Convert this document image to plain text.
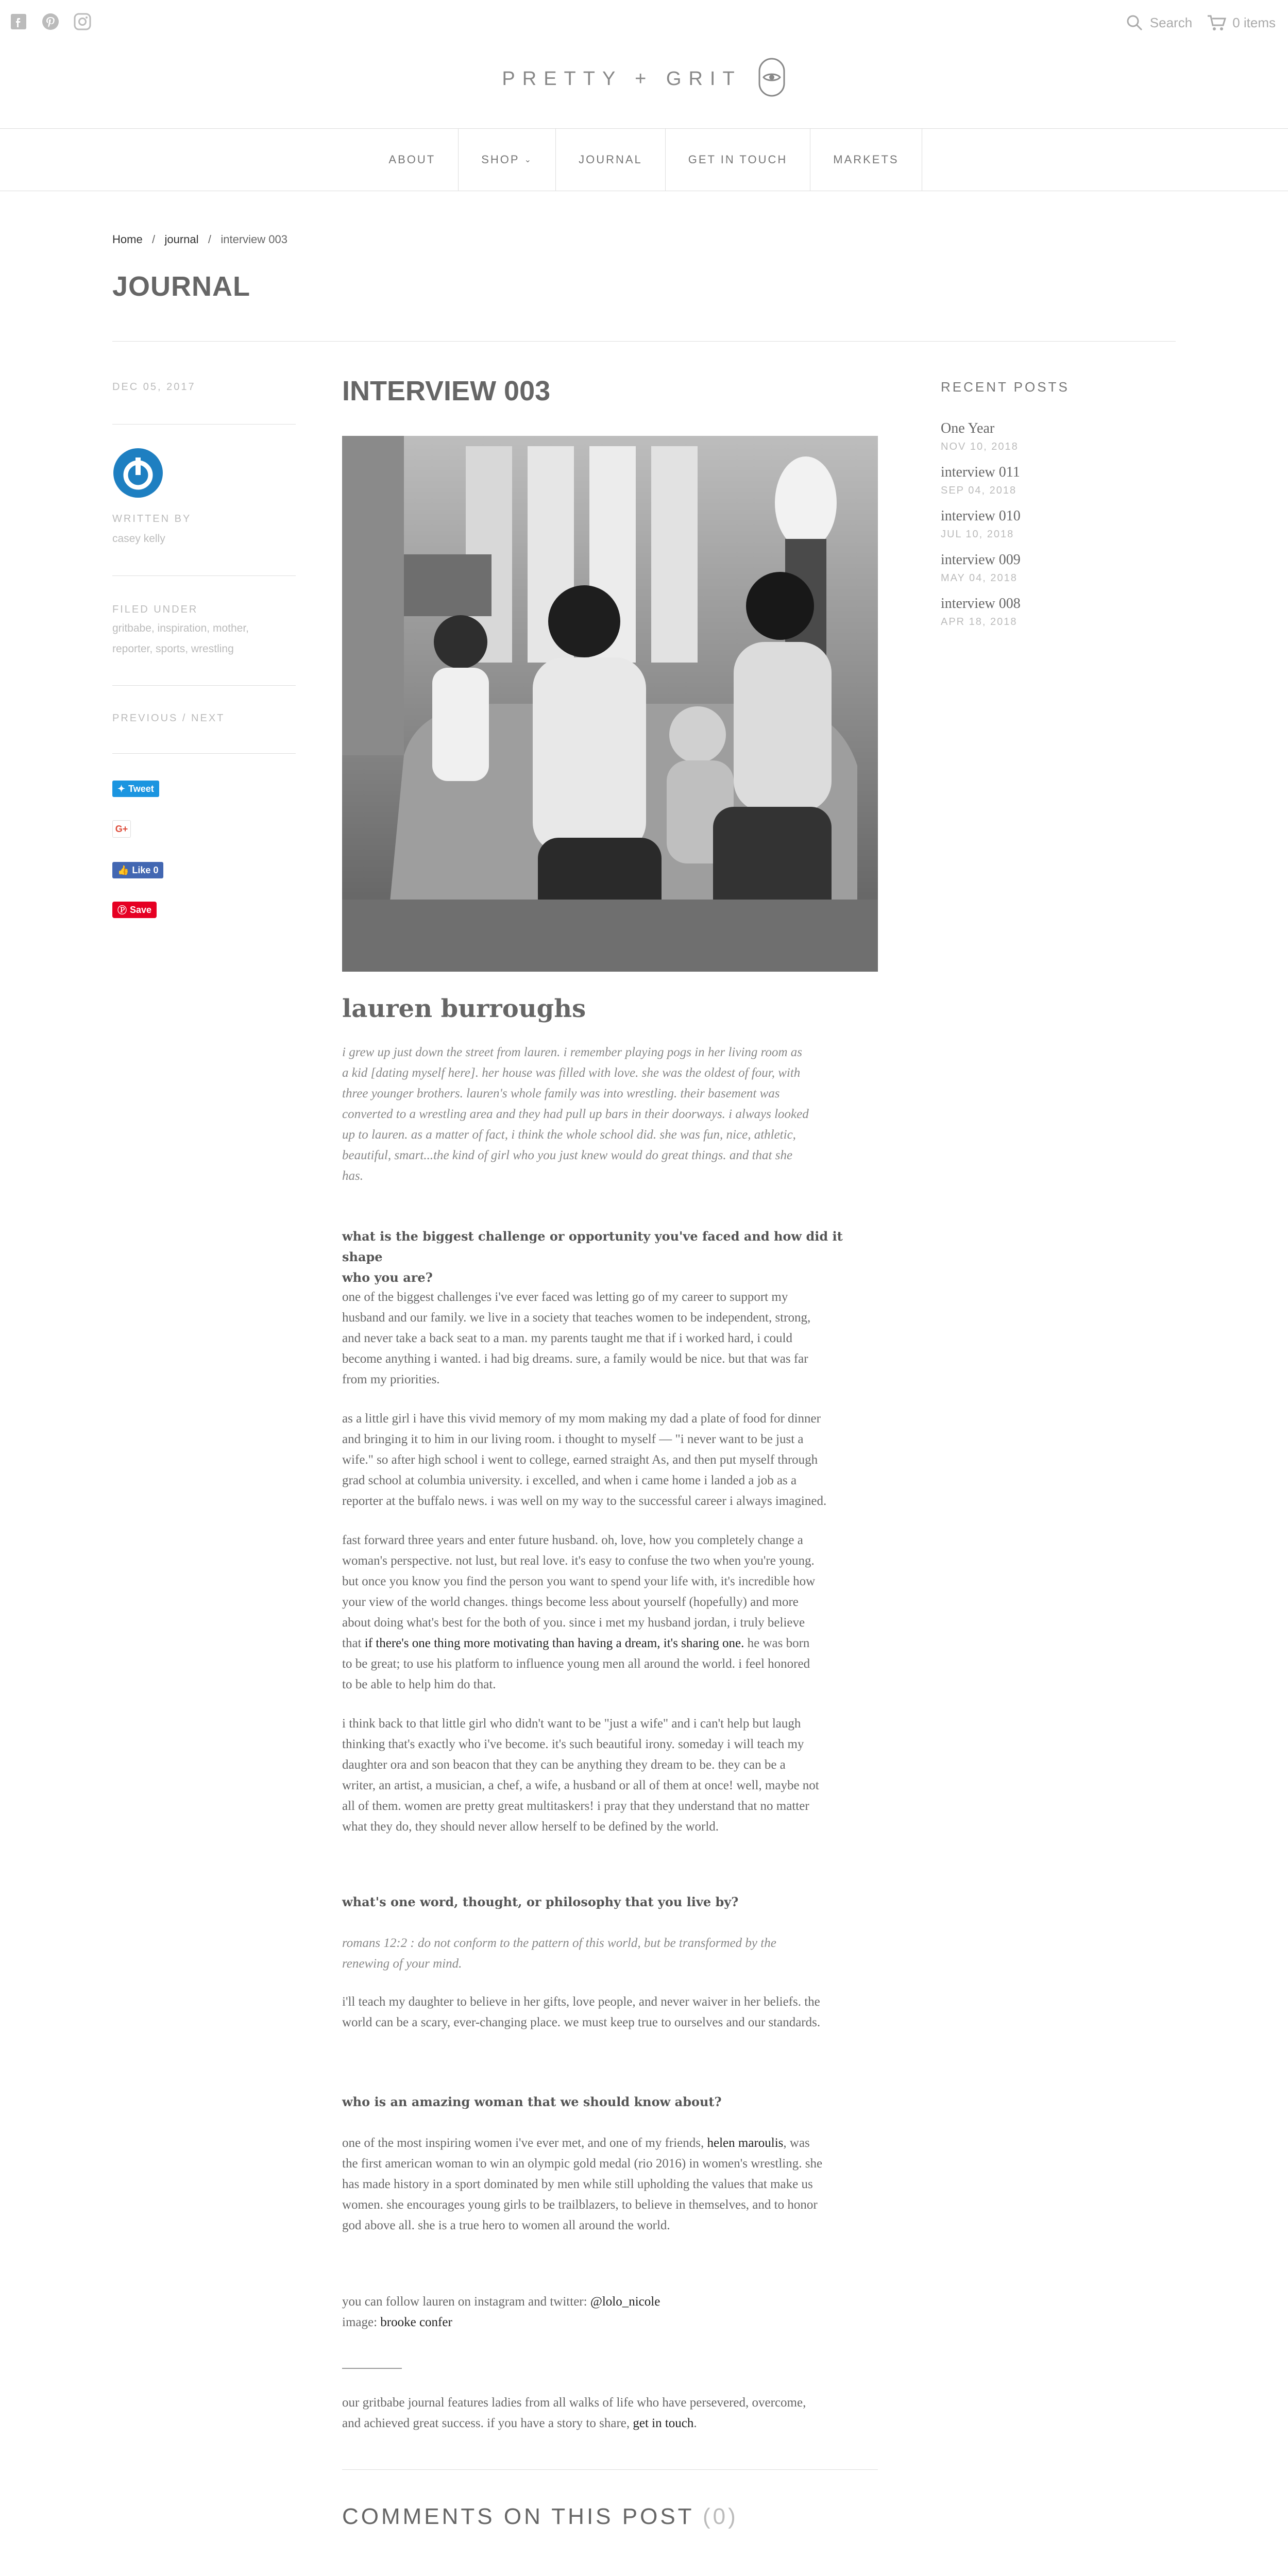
Search	0 items
PRETTY + GRIT
ABOUT	SHOP
⌄	JOURNAL	GET IN TOUCH	MARKETS
Home   /   journal   /   interview 003
JOURNAL
DEC 05, 2017
WRITTEN BY
casey kelly
FILED UNDER
gritbabe, inspiration, mother,
reporter, sports, wrestling
PREVIOUS / NEXT
✦ Tweet
G+
👍 Like 0
Ⓟ Save
INTERVIEW 003
lauren burroughs
i grew up just down the street from lauren. i remember playing pogs in her living room as
a kid [dating myself here]. her house was filled with love. she was the oldest of four, with
three younger brothers. lauren's whole family was into wrestling. their basement was
converted to a wrestling area and they had pull up bars in their doorways. i always looked
up to lauren. as a matter of fact, i think the whole school did. she was fun, nice, athletic,
beautiful, smart...the kind of girl who you just knew would do great things. and that she
has.
what is the biggest challenge or opportunity you've faced and how did it shape
who you are?
one of the biggest challenges i've ever faced was letting go of my career to support my
husband and our family. we live in a society that teaches women to be independent, strong,
and never take a back seat to a man. my parents taught me that if i worked hard, i could
become anything i wanted. i had big dreams. sure, a family would be nice. but that was far
from my priorities.
as a little girl i have this vivid memory of my mom making my dad a plate of food for dinner
and bringing it to him in our living room. i thought to myself — "i never want to be just a
wife." so after high school i went to college, earned straight As, and then put myself through
grad school at columbia university. i excelled, and when i came home i landed a job as a
reporter at the buffalo news. i was well on my way to the successful career i always imagined.
fast forward three years and enter future husband. oh, love, how you completely change a
woman's perspective. not lust, but real love. it's easy to confuse the two when you're young.
but once you know you find the person you want to spend your life with, it's incredible how
your view of the world changes. things become less about yourself (hopefully) and more
about doing what's best for the both of you. since i met my husband jordan, i truly believe
that if there's one thing more motivating than having a dream, it's sharing one. he was born
to be great; to use his platform to influence young men all around the world. i feel honored
to be able to help him do that.
i think back to that little girl who didn't want to be "just a wife" and i can't help but laugh
thinking that's exactly who i've become. it's such beautiful irony. someday i will teach my
daughter ora and son beacon that they can be anything they dream to be. they can be a
writer, an artist, a musician, a chef, a wife, a husband or all of them at once! well, maybe not
all of them. women are pretty great multitaskers! i pray that they understand that no matter
what they do, they should never allow herself to be defined by the world.
what's one word, thought, or philosophy that you live by?
romans 12:2 : do not conform to the pattern of this world, but be transformed by the
renewing of your mind.
i'll teach my daughter to believe in her gifts, love people, and never waiver in her beliefs. the
world can be a scary, ever-changing place. we must keep true to ourselves and our standards.
who is an amazing woman that we should know about?
one of the most inspiring women i've ever met, and one of my friends, helen maroulis, was
the first american woman to win an olympic gold medal (rio 2016) in women's wrestling. she
has made history in a sport dominated by men while still upholding the values that make us
women. she encourages young girls to be trailblazers, to believe in themselves, and to honor
god above all. she is a true hero to women all around the world.
you can follow lauren on instagram and twitter: @lolo_nicole
image: brooke confer
our gritbabe journal features ladies from all walks of life who have persevered, overcome,
and achieved great success. if you have a story to share, get in touch.
COMMENTS ON THIS POST (0)
RECENT POSTS
One Year
NOV 10, 2018
interview 011
SEP 04, 2018
interview 010
JUL 10, 2018
interview 009
MAY 04, 2018
interview 008
APR 18, 2018
